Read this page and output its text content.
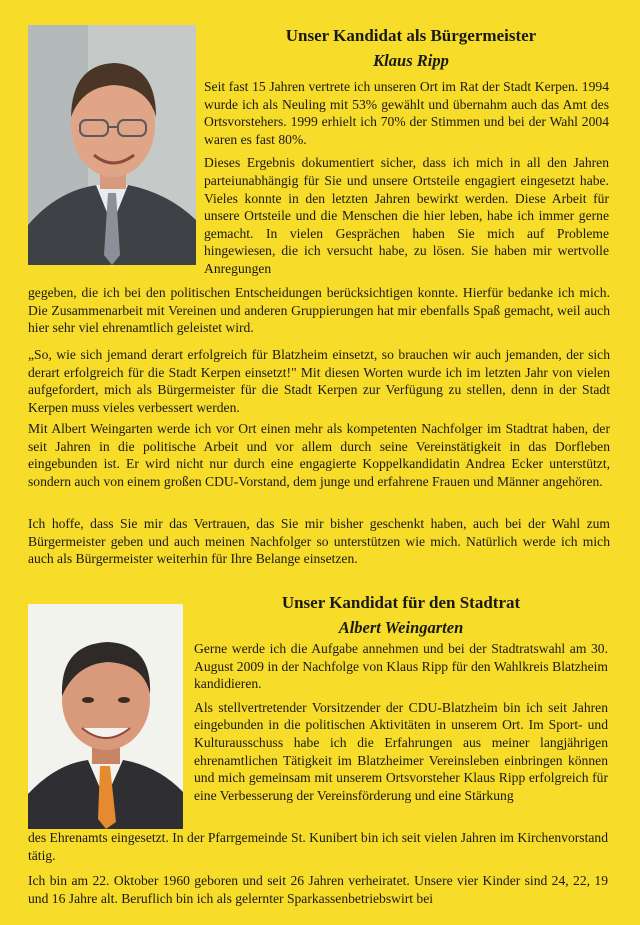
Unser Kandidat als Bürgermeister
Klaus Ripp

Seit fast 15 Jahren vertrete ich unseren Ort im Rat der Stadt Kerpen. 1994 wurde ich als Neuling mit 53% gewählt und übernahm auch das Amt des Ortsvorstehers. 1999 erhielt ich 70% der Stimmen und bei der Wahl 2004 waren es fast 80%.

Dieses Ergebnis dokumentiert sicher, dass ich mich in all den Jahren parteiunabhängig für Sie und unsere Ortsteile engagiert eingesetzt habe. Vieles konnte in den letzten Jahren bewirkt werden. Diese Arbeit für unsere Ortsteile und die Menschen die hier leben, habe ich immer gerne gemacht. In vielen Gesprächen haben Sie mich auf Probleme hingewiesen, die ich versucht habe, zu lösen. Sie haben mir wertvolle Anregungen

gegeben, die ich bei den politischen Entscheidungen berücksichtigen konnte. Hierfür bedanke ich mich. Die Zusammenarbeit mit Vereinen und anderen Gruppierungen hat mir ebenfalls Spaß gemacht, weil auch hier sehr viel ehrenamtlich geleistet wird.

„So, wie sich jemand derart erfolgreich für Blatzheim einsetzt, so brauchen wir auch jemanden, der sich derart erfolgreich für die Stadt Kerpen einsetzt!" Mit diesen Worten wurde ich im letzten Jahr von vielen aufgefordert, mich als Bürgermeister für die Stadt Kerpen zur Verfügung zu stellen, denn in der Stadt Kerpen muss vieles verbessert werden.

Mit Albert Weingarten werde ich vor Ort einen mehr als kompetenten Nachfolger im Stadtrat haben, der seit Jahren in die politische Arbeit und vor allem durch seine Vereinstätigkeit in das Dorfleben eingebunden ist. Er wird nicht nur durch eine engagierte Koppelkandidatin Andrea Ecker unterstützt, sondern auch von einem großen CDU-Vorstand, dem junge und erfahrene Frauen und Männer angehören.

Ich hoffe, dass Sie mir das Vertrauen, das Sie mir bisher geschenkt haben, auch bei der Wahl zum Bürgermeister geben und auch meinen Nachfolger so unterstützen wie mich. Natürlich werde ich mich auch als Bürgermeister weiterhin für Ihre Belange einsetzen.

Unser Kandidat für den Stadtrat
Albert Weingarten

Gerne werde ich die Aufgabe annehmen und bei der Stadtratswahl am 30. August 2009 in der Nachfolge von Klaus Ripp für den Wahlkreis Blatzheim kandidieren.

Als stellvertretender Vorsitzender der CDU-Blatzheim bin ich seit Jahren eingebunden in die politischen Aktivitäten in unserem Ort. Im Sport- und Kulturausschuss habe ich die Erfahrungen aus meiner langjährigen ehrenamtlichen Tätigkeit im Blatzheimer Vereinsleben einbringen können und mich gemeinsam mit unserem Ortsvorsteher Klaus Ripp erfolgreich für eine Verbesserung der Vereinsförderung und eine Stärkung

des Ehrenamts eingesetzt. In der Pfarrgemeinde St. Kunibert bin ich seit vielen Jahren im Kirchenvorstand tätig.

Ich bin am 22. Oktober 1960 geboren und seit 26 Jahren verheiratet. Unsere vier Kinder sind 24, 22, 19 und 16 Jahre alt. Beruflich bin ich als gelernter Sparkassenbetriebswirt bei
